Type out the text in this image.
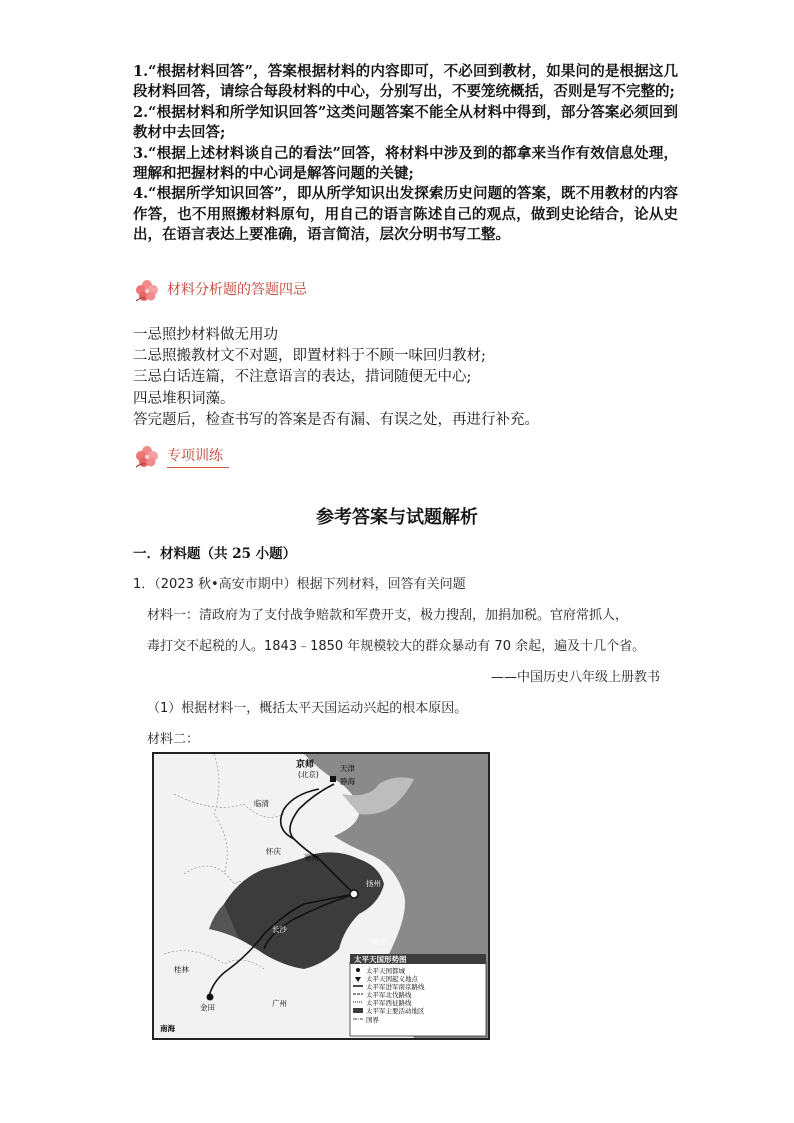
1.“根据材料回答”，答案根据材料的内容即可，不必回到教材，如果问的是根据这几段材料回答，请综合每段材料的中心，分别写出，不要笼统概括，否则是写不完整的;

2.“根据材料和所学知识回答”这类问题答案不能全从材料中得到，部分答案必须回到教材中去回答;

3.“根据上述材料谈自己的看法”回答，将材料中涉及到的都拿来当作有效信息处理，理解和把握材料的中心词是解答问题的关键;

4.“根据所学知识回答”，即从所学知识出发探索历史问题的答案，既不用教材的内容作答，也不用照搬材料原句，用自己的语言陈述自己的观点，做到史论结合，论从史出，在语言表达上要准确，语言简洁，层次分明书写工整。

材料分析题的答题四忌

一忌照抄材料做无用功

二忌照搬教材文不对题，即置材料于不顾一味回归教材;

三忌白话连篇，不注意语言的表达，措词随便无中心;

四忌堆积词藻。

答完题后，检查书写的答案是否有漏、有误之处，再进行补充。

专项训练
参考答案与试题解析
一．材料题（共 25 小题）
1．（2023 秋•高安市期中）根据下列材料，回答有关问题
材料一：清政府为了支付战争赔款和军费开支，极力搜刮，加捐加税。官府常抓人，
毒打交不起税的人。1843﹣1850 年规模较大的群众暴动有 70 余起，遍及十几个省。
——中国历史八年级上册教书
（1）根据材料一，概括太平天国运动兴起的根本原因。
材料二：
京师
(北京)
天津
静海
临清
怀庆
亳州
扬州
长沙
桂林
金田	广州
福州
南海
太平天国形势图
太平天国都城
太平天国起义地点
太平军进军南京路线
太平军北伐路线
太平军西征路线
太平军主要活动地区
国界
